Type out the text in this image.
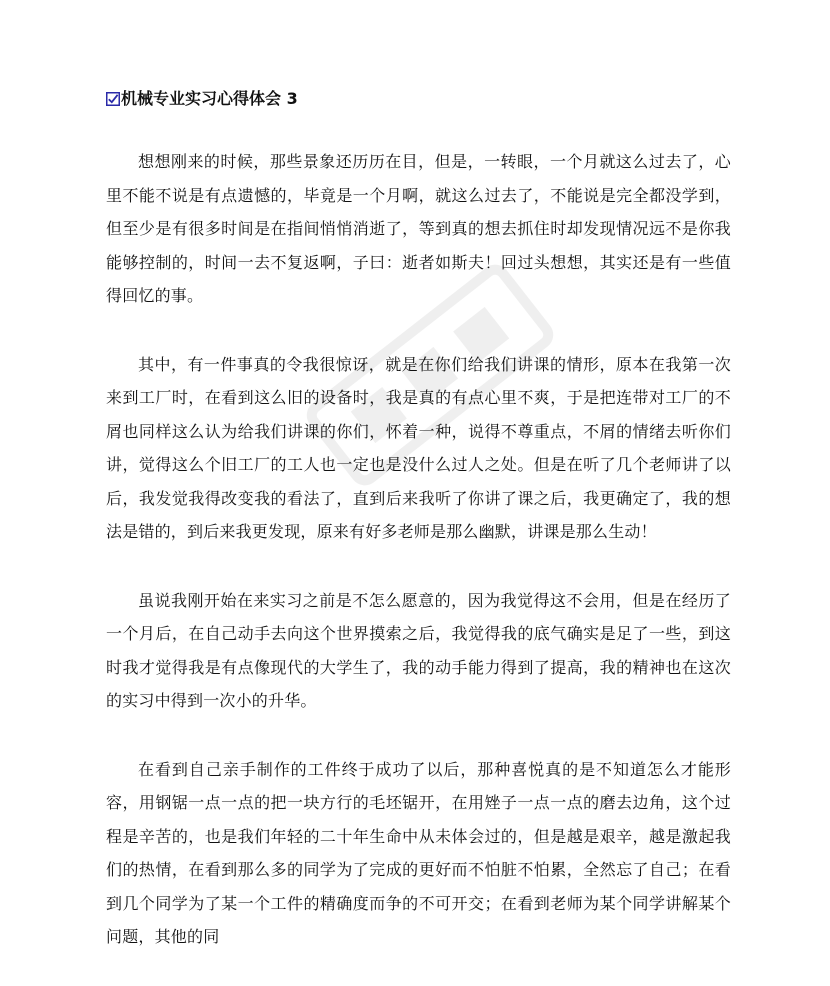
机械专业实习心得体会 3

想想刚来的时候，那些景象还历历在目，但是，一转眼，一个月就这么过去了，心里不能不说是有点遗憾的，毕竟是一个月啊，就这么过去了，不能说是完全都没学到，但至少是有很多时间是在指间悄悄消逝了，等到真的想去抓住时却发现情况远不是你我能够控制的，时间一去不复返啊，子曰：逝者如斯夫！回过头想想，其实还是有一些值得回忆的事。

其中，有一件事真的令我很惊讶，就是在你们给我们讲课的情形，原本在我第一次来到工厂时，在看到这么旧的设备时，我是真的有点心里不爽，于是把连带对工厂的不屑也同样这么认为给我们讲课的你们，怀着一种，说得不尊重点，不屑的情绪去听你们讲，觉得这么个旧工厂的工人也一定也是没什么过人之处。但是在听了几个老师讲了以后，我发觉我得改变我的看法了，直到后来我听了你讲了课之后，我更确定了，我的想法是错的，到后来我更发现，原来有好多老师是那么幽默，讲课是那么生动！

虽说我刚开始在来实习之前是不怎么愿意的，因为我觉得这不会用，但是在经历了一个月后，在自己动手去向这个世界摸索之后，我觉得我的底气确实是足了一些，到这时我才觉得我是有点像现代的大学生了，我的动手能力得到了提高，我的精神也在这次的实习中得到一次小的升华。

在看到自己亲手制作的工件终于成功了以后，那种喜悦真的是不知道怎么才能形容，用钢锯一点一点的把一块方行的毛坯锯开，在用矬子一点一点的磨去边角，这个过程是辛苦的，也是我们年轻的二十年生命中从未体会过的，但是越是艰辛，越是激起我们的热情，在看到那么多的同学为了完成的更好而不怕脏不怕累，全然忘了自己；在看到几个同学为了某一个工件的精确度而争的不可开交；在看到老师为某个同学讲解某个问题，其他的同
